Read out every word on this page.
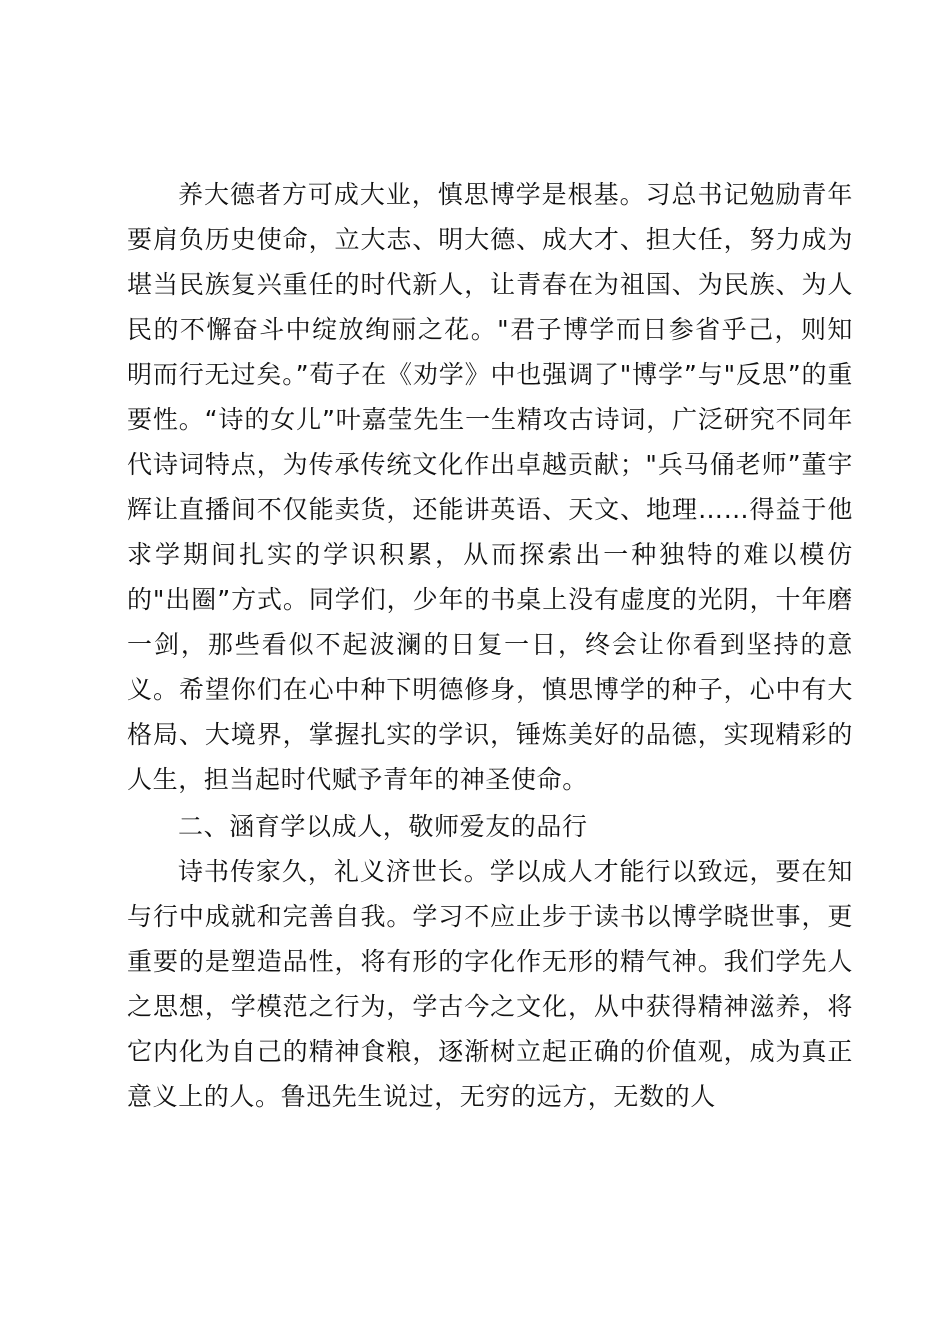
养大德者方可成大业，慎思博学是根基。习总书记勉励青年要肩负历史使命，立大志、明大德、成大才、担大任，努力成为堪当民族复兴重任的时代新人，让青春在为祖国、为民族、为人民的不懈奋斗中绽放绚丽之花。"君子博学而日参省乎己，则知明而行无过矣。”荀子在《劝学》中也强调了"博学”与"反思”的重要性。“诗的女儿”叶嘉莹先生一生精攻古诗词，广泛研究不同年代诗词特点，为传承传统文化作出卓越贡献；"兵马俑老师”董宇辉让直播间不仅能卖货，还能讲英语、天文、地理……得益于他求学期间扎实的学识积累，从而探索出一种独特的难以模仿的"出圈”方式。同学们，少年的书桌上没有虚度的光阴，十年磨一剑，那些看似不起波澜的日复一日，终会让你看到坚持的意义。希望你们在心中种下明德修身，慎思博学的种子，心中有大格局、大境界，掌握扎实的学识，锤炼美好的品德，实现精彩的人生，担当起时代赋予青年的神圣使命。

二、涵育学以成人，敬师爱友的品行

诗书传家久，礼义济世长。学以成人才能行以致远，要在知与行中成就和完善自我。学习不应止步于读书以博学晓世事，更重要的是塑造品性，将有形的字化作无形的精气神。我们学先人之思想，学模范之行为，学古今之文化，从中获得精神滋养，将它内化为自己的精神食粮，逐渐树立起正确的价值观，成为真正意义上的人。鲁迅先生说过，无穷的远方，无数的人
